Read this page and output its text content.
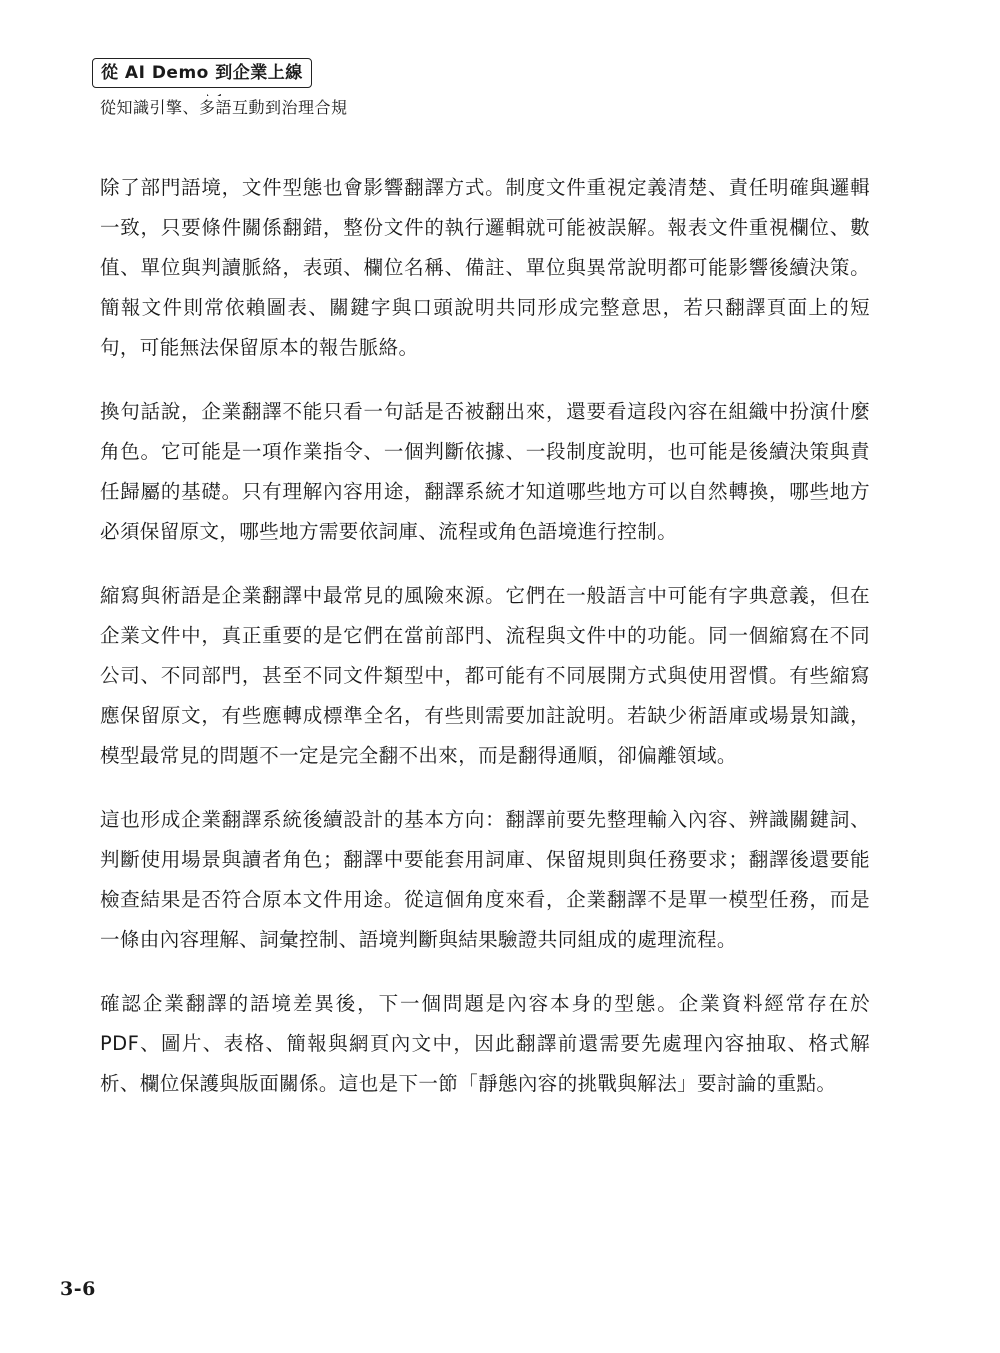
從 AI Demo 到企業上線
從知識引擎、多語互動到治理合規

除了部門語境，文件型態也會影響翻譯方式。制度文件重視定義清楚、責任明確與邏輯一致，只要條件關係翻錯，整份文件的執行邏輯就可能被誤解。報表文件重視欄位、數值、單位與判讀脈絡，表頭、欄位名稱、備註、單位與異常說明都可能影響後續決策。簡報文件則常依賴圖表、關鍵字與口頭說明共同形成完整意思，若只翻譯頁面上的短句，可能無法保留原本的報告脈絡。

換句話說，企業翻譯不能只看一句話是否被翻出來，還要看這段內容在組織中扮演什麼角色。它可能是一項作業指令、一個判斷依據、一段制度說明，也可能是後續決策與責任歸屬的基礎。只有理解內容用途，翻譯系統才知道哪些地方可以自然轉換，哪些地方必須保留原文，哪些地方需要依詞庫、流程或角色語境進行控制。

縮寫與術語是企業翻譯中最常見的風險來源。它們在一般語言中可能有字典意義，但在企業文件中，真正重要的是它們在當前部門、流程與文件中的功能。同一個縮寫在不同公司、不同部門，甚至不同文件類型中，都可能有不同展開方式與使用習慣。有些縮寫應保留原文，有些應轉成標準全名，有些則需要加註說明。若缺少術語庫或場景知識，模型最常見的問題不一定是完全翻不出來，而是翻得通順，卻偏離領域。

這也形成企業翻譯系統後續設計的基本方向：翻譯前要先整理輸入內容、辨識關鍵詞、判斷使用場景與讀者角色；翻譯中要能套用詞庫、保留規則與任務要求；翻譯後還要能檢查結果是否符合原本文件用途。從這個角度來看，企業翻譯不是單一模型任務，而是一條由內容理解、詞彙控制、語境判斷與結果驗證共同組成的處理流程。

確認企業翻譯的語境差異後，下一個問題是內容本身的型態。企業資料經常存在於 PDF、圖片、表格、簡報與網頁內文中，因此翻譯前還需要先處理內容抽取、格式解析、欄位保護與版面關係。這也是下一節「靜態內容的挑戰與解法」要討論的重點。

3-6
